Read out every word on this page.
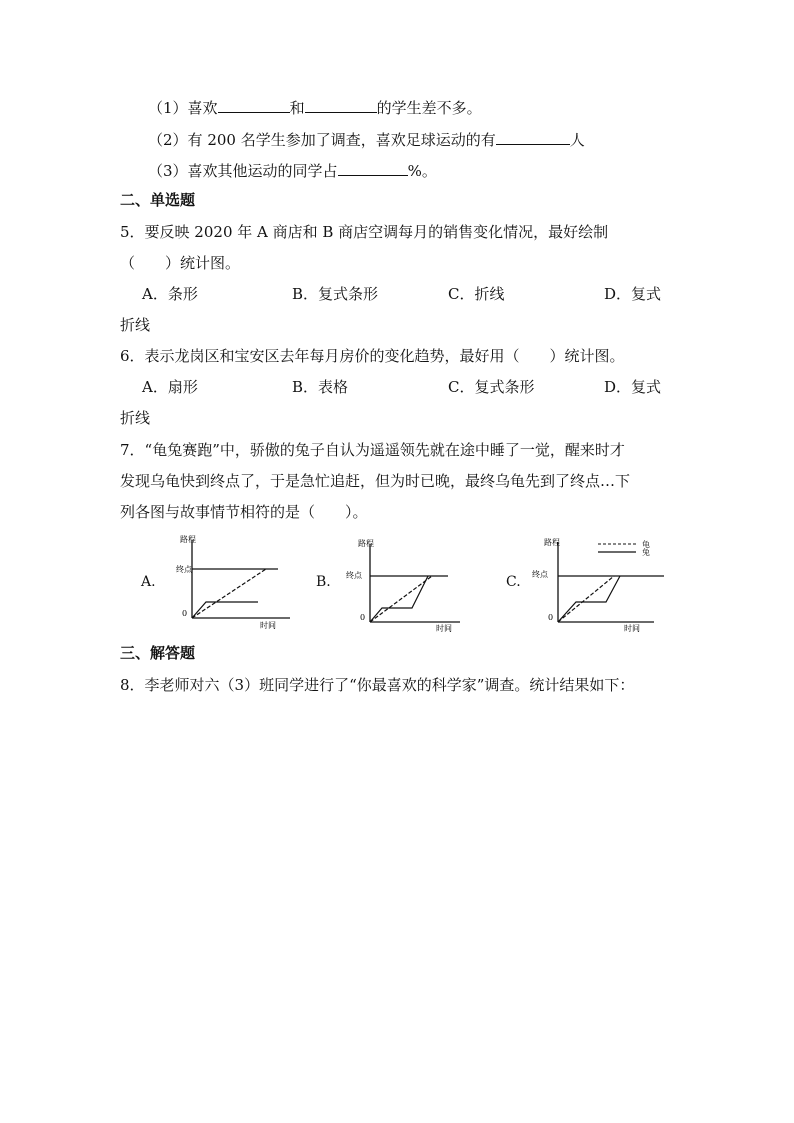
（1）喜欢	和	的学生差不多。
（2）有 200 名学生参加了调查，喜欢足球运动的有	人
（3）喜欢其他运动的同学占	%。
二、单选题
5．要反映 2020 年 A 商店和 B 商店空调每月的销售变化情况，最好绘制
（　　）统计图。
A．条形	B．复式条形	C．折线	D．复式
折线
6．表示龙岗区和宝安区去年每月房价的变化趋势，最好用（　　）统计图。
A．扇形	B．表格	C．复式条形	D．复式
折线
7．“龟兔赛跑”中，骄傲的兔子自认为遥遥领先就在途中睡了一觉，醒来时才
发现乌龟快到终点了，于是急忙追赶，但为时已晚，最终乌龟先到了终点…下
列各图与故事情节相符的是（　　）。
A.
路程
终点
0
时间
B.
路程
终点
0
时间
C.
路程
终点
0
时间
龟
兔
三、解答题
8．李老师对六（3）班同学进行了“你最喜欢的科学家”调查。统计结果如下：
